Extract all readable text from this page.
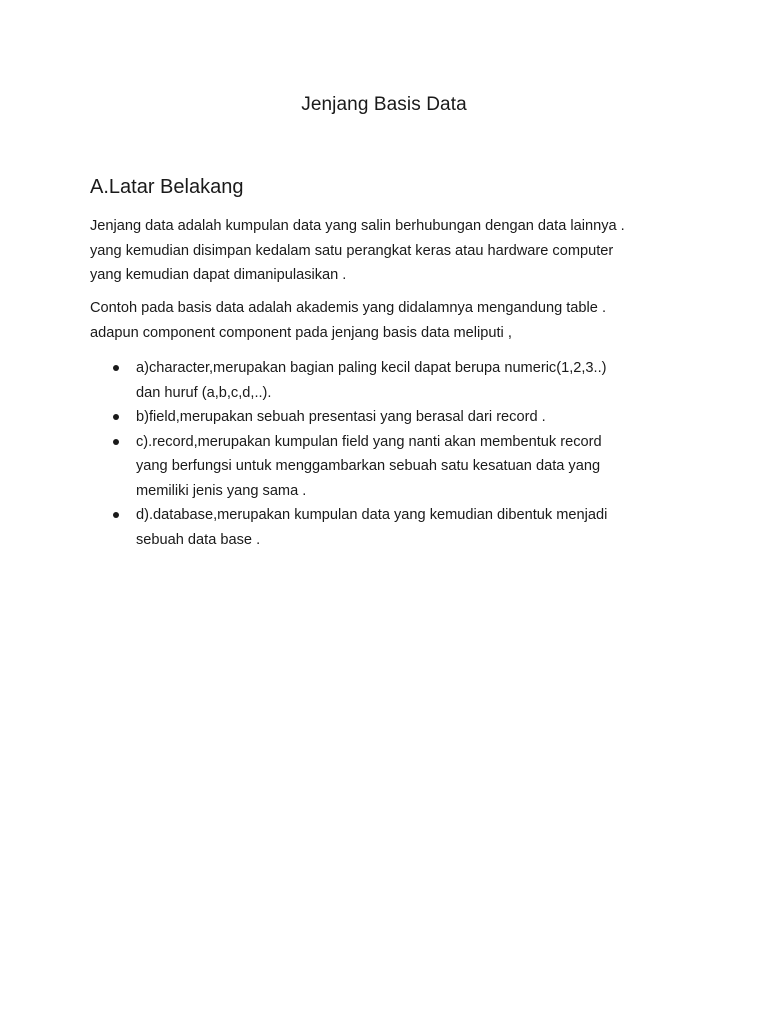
Jenjang Basis Data
A.Latar Belakang

Jenjang data adalah kumpulan data yang salin berhubungan dengan data lainnya .

yang kemudian disimpan kedalam satu perangkat keras atau hardware computer

yang kemudian dapat dimanipulasikan .

Contoh pada basis data adalah akademis yang didalamnya mengandung table .

adapun component component pada jenjang basis data meliputi ,

a)character,merupakan bagian paling kecil dapat berupa numeric(1,2,3..)
dan huruf (a,b,c,d,..).
b)field,merupakan sebuah presentasi yang berasal dari record .
c).record,merupakan kumpulan field yang nanti akan membentuk record
yang berfungsi untuk menggambarkan sebuah satu kesatuan data yang
memiliki jenis yang sama .
d).database,merupakan kumpulan data yang kemudian dibentuk menjadi
sebuah data base .
